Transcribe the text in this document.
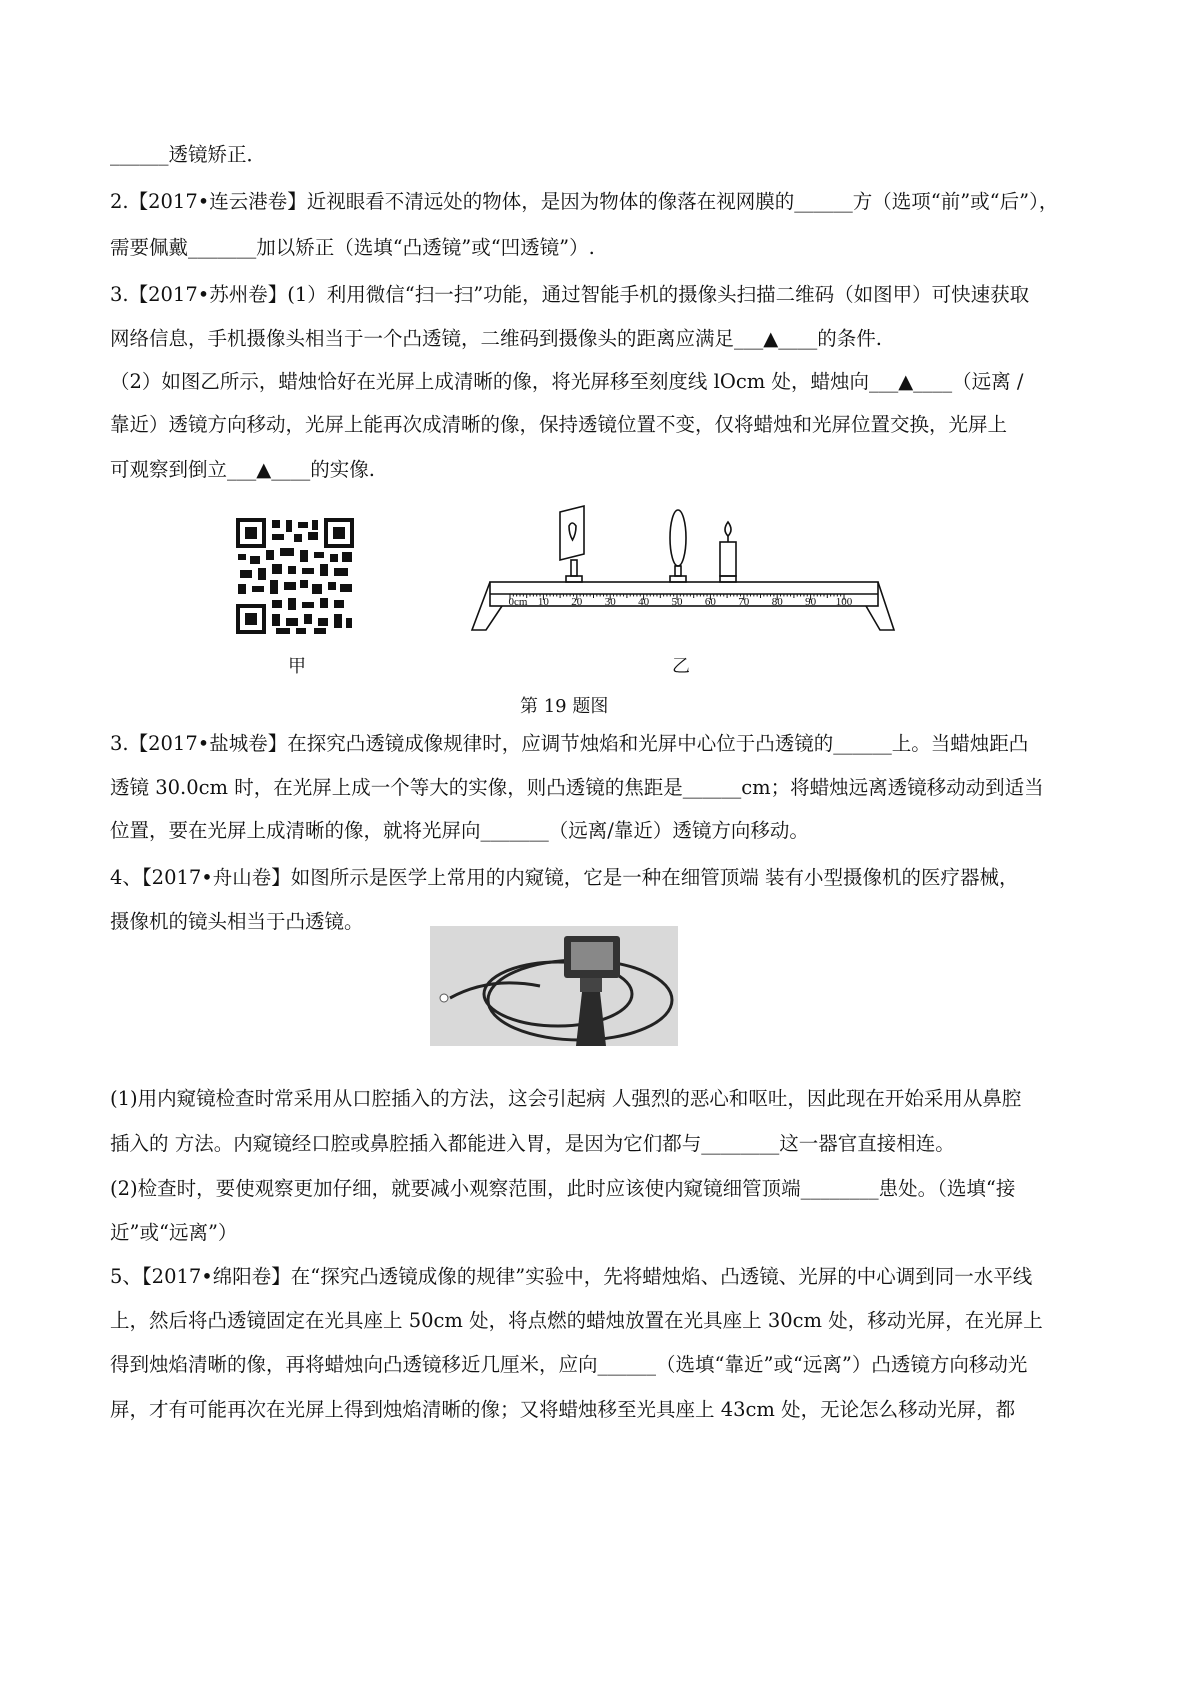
______透镜矫正．
2.【2017•连云港卷】近视眼看不清远处的物体，是因为物体的像落在视网膜的______方（选项“前”或“后”），
需要佩戴_______加以矫正（选填“凸透镜”或“凹透镜”）.
3.【2017•苏州卷】(1）利用微信“扫一扫”功能，通过智能手机的摄像头扫描二维码（如图甲）可快速获取
网络信息，手机摄像头相当于一个凸透镜，二维码到摄像头的距离应满足___▲____的条件.
（2）如图乙所示，蜡烛恰好在光屏上成清晰的像，将光屏移至刻度线 lOcm 处，蜡烛向___▲____（远离 /
靠近）透镜方向移动，光屏上能再次成清晰的像，保持透镜位置不变，仅将蜡烛和光屏位置交换，光屏上
可观察到倒立___▲____的实像.
0cm 10 20 30 40 50 60 70 80 90 100
甲	乙
第 19 题图
3.【2017•盐城卷】在探究凸透镜成像规律时，应调节烛焰和光屏中心位于凸透镜的______上。当蜡烛距凸
透镜 30.0cm 时，在光屏上成一个等大的实像，则凸透镜的焦距是______cm；将蜡烛远离透镜移动动到适当
位置，要在光屏上成清晰的像，就将光屏向_______（远离/靠近）透镜方向移动。
4、【2017•舟山卷】如图所示是医学上常用的内窥镜，它是一种在细管顶端 装有小型摄像机的医疗器械，
摄像机的镜头相当于凸透镜。
(1)用内窥镜检查时常采用从口腔插入的方法，这会引起病 人强烈的恶心和呕吐，因此现在开始采用从鼻腔
插入的 方法。内窥镜经口腔或鼻腔插入都能进入胃，是因为它们都与________这一器官直接相连。
(2)检查时，要使观察更加仔细，就要减小观察范围，此时应该使内窥镜细管顶端________患处。（选填“接
近”或“远离”）
5、【2017•绵阳卷】在“探究凸透镜成像的规律”实验中，先将蜡烛焰、凸透镜、光屏的中心调到同一水平线
上，然后将凸透镜固定在光具座上 50cm 处，将点燃的蜡烛放置在光具座上 30cm 处，移动光屏，在光屏上
得到烛焰清晰的像，再将蜡烛向凸透镜移近几厘米，应向______（选填“靠近”或“远离”）凸透镜方向移动光
屏，才有可能再次在光屏上得到烛焰清晰的像；又将蜡烛移至光具座上 43cm 处，无论怎么移动光屏，都
